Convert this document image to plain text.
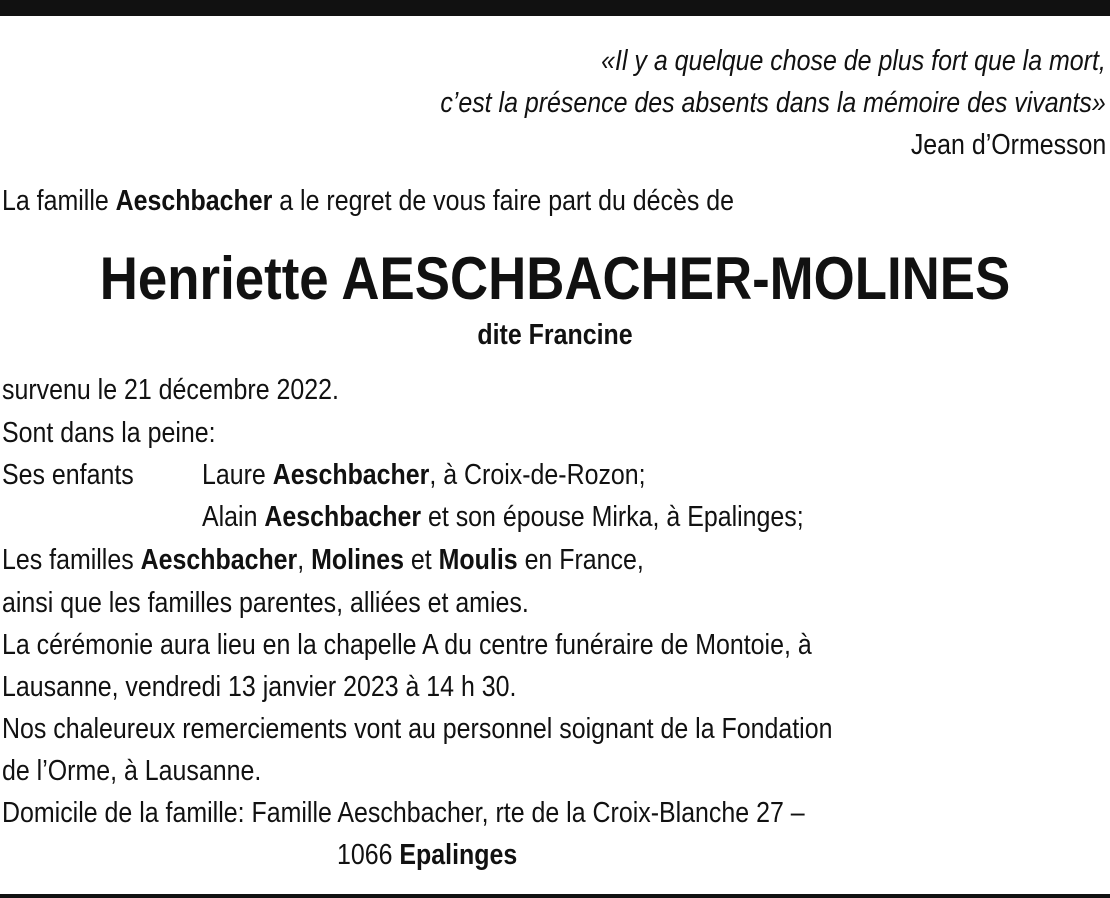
«Il y a quelque chose de plus fort que la mort,
c’est la présence des absents dans la mémoire des vivants»
Jean d’Ormesson
La famille Aeschbacher a le regret de vous faire part du décès de
Henriette AESCHBACHER-MOLINES
dite Francine
survenu le 21 décembre 2022.
Sont dans la peine:
Ses enfants Laure Aeschbacher, à Croix-de-Rozon;
Alain Aeschbacher et son épouse Mirka, à Epalinges;
Les familles Aeschbacher, Molines et Moulis en France,
ainsi que les familles parentes, alliées et amies.
La cérémonie aura lieu en la chapelle A du centre funéraire de Montoie, à
Lausanne, vendredi 13 janvier 2023 à 14 h 30.
Nos chaleureux remerciements vont au personnel soignant de la Fondation
de l’Orme, à Lausanne.
Domicile de la famille: Famille Aeschbacher, rte de la Croix-Blanche 27 –
1066 Epalinges
